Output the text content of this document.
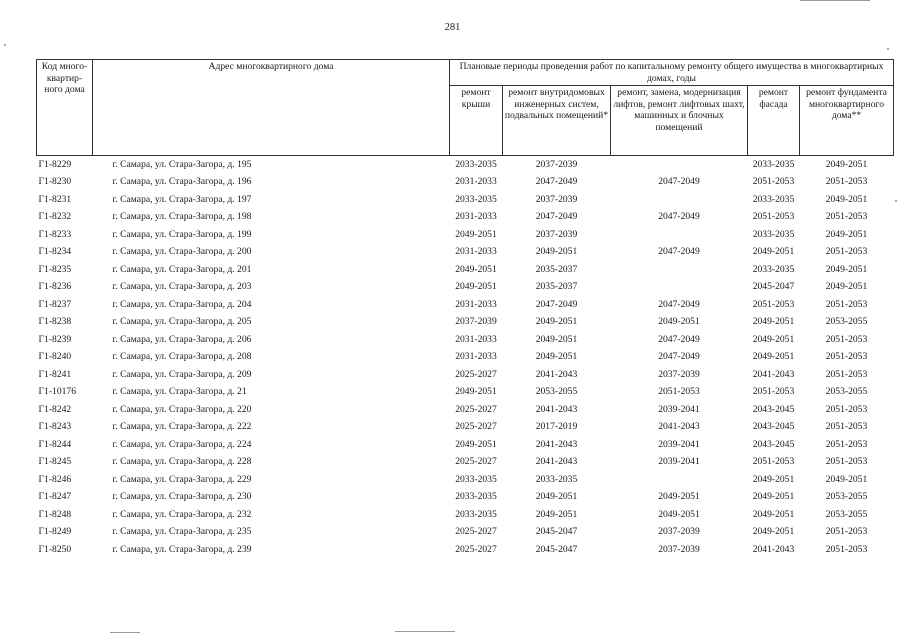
281
Код много-квартир-ного дома	Адрес многоквартирного дома	Плановые периоды проведения работ по капитальному ремонту общего имущества в многоквартирных домах, годы				
		ремонт крыши	ремонт внутридомовых инженерных систем, подвальных помещений*	ремонт, замена, модернизация лифтов, ремонт лифтовых шахт, машинных и блочных помещений	ремонт фасада	ремонт фундамента многоквартирного дома**
Г1-8229	г. Самара, ул. Стара-Загора, д. 195	2033-2035	2037-2039		2033-2035	2049-2051
Г1-8230	г. Самара, ул. Стара-Загора, д. 196	2031-2033	2047-2049	2047-2049	2051-2053	2051-2053
Г1-8231	г. Самара, ул. Стара-Загора, д. 197	2033-2035	2037-2039		2033-2035	2049-2051
Г1-8232	г. Самара, ул. Стара-Загора, д. 198	2031-2033	2047-2049	2047-2049	2051-2053	2051-2053
Г1-8233	г. Самара, ул. Стара-Загора, д. 199	2049-2051	2037-2039		2033-2035	2049-2051
Г1-8234	г. Самара, ул. Стара-Загора, д. 200	2031-2033	2049-2051	2047-2049	2049-2051	2051-2053
Г1-8235	г. Самара, ул. Стара-Загора, д. 201	2049-2051	2035-2037		2033-2035	2049-2051
Г1-8236	г. Самара, ул. Стара-Загора, д. 203	2049-2051	2035-2037		2045-2047	2049-2051
Г1-8237	г. Самара, ул. Стара-Загора, д. 204	2031-2033	2047-2049	2047-2049	2051-2053	2051-2053
Г1-8238	г. Самара, ул. Стара-Загора, д. 205	2037-2039	2049-2051	2049-2051	2049-2051	2053-2055
Г1-8239	г. Самара, ул. Стара-Загора, д. 206	2031-2033	2049-2051	2047-2049	2049-2051	2051-2053
Г1-8240	г. Самара, ул. Стара-Загора, д. 208	2031-2033	2049-2051	2047-2049	2049-2051	2051-2053
Г1-8241	г. Самара, ул. Стара-Загора, д. 209	2025-2027	2041-2043	2037-2039	2041-2043	2051-2053
Г1-10176	г. Самара, ул. Стара-Загора, д. 21	2049-2051	2053-2055	2051-2053	2051-2053	2053-2055
Г1-8242	г. Самара, ул. Стара-Загора, д. 220	2025-2027	2041-2043	2039-2041	2043-2045	2051-2053
Г1-8243	г. Самара, ул. Стара-Загора, д. 222	2025-2027	2017-2019	2041-2043	2043-2045	2051-2053
Г1-8244	г. Самара, ул. Стара-Загора, д. 224	2049-2051	2041-2043	2039-2041	2043-2045	2051-2053
Г1-8245	г. Самара, ул. Стара-Загора, д. 228	2025-2027	2041-2043	2039-2041	2051-2053	2051-2053
Г1-8246	г. Самара, ул. Стара-Загора, д. 229	2033-2035	2033-2035		2049-2051	2049-2051
Г1-8247	г. Самара, ул. Стара-Загора, д. 230	2033-2035	2049-2051	2049-2051	2049-2051	2053-2055
Г1-8248	г. Самара, ул. Стара-Загора, д. 232	2033-2035	2049-2051	2049-2051	2049-2051	2053-2055
Г1-8249	г. Самара, ул. Стара-Загора, д. 235	2025-2027	2045-2047	2037-2039	2049-2051	2051-2053
Г1-8250	г. Самара, ул. Стара-Загора, д. 239	2025-2027	2045-2047	2037-2039	2041-2043	2051-2053
